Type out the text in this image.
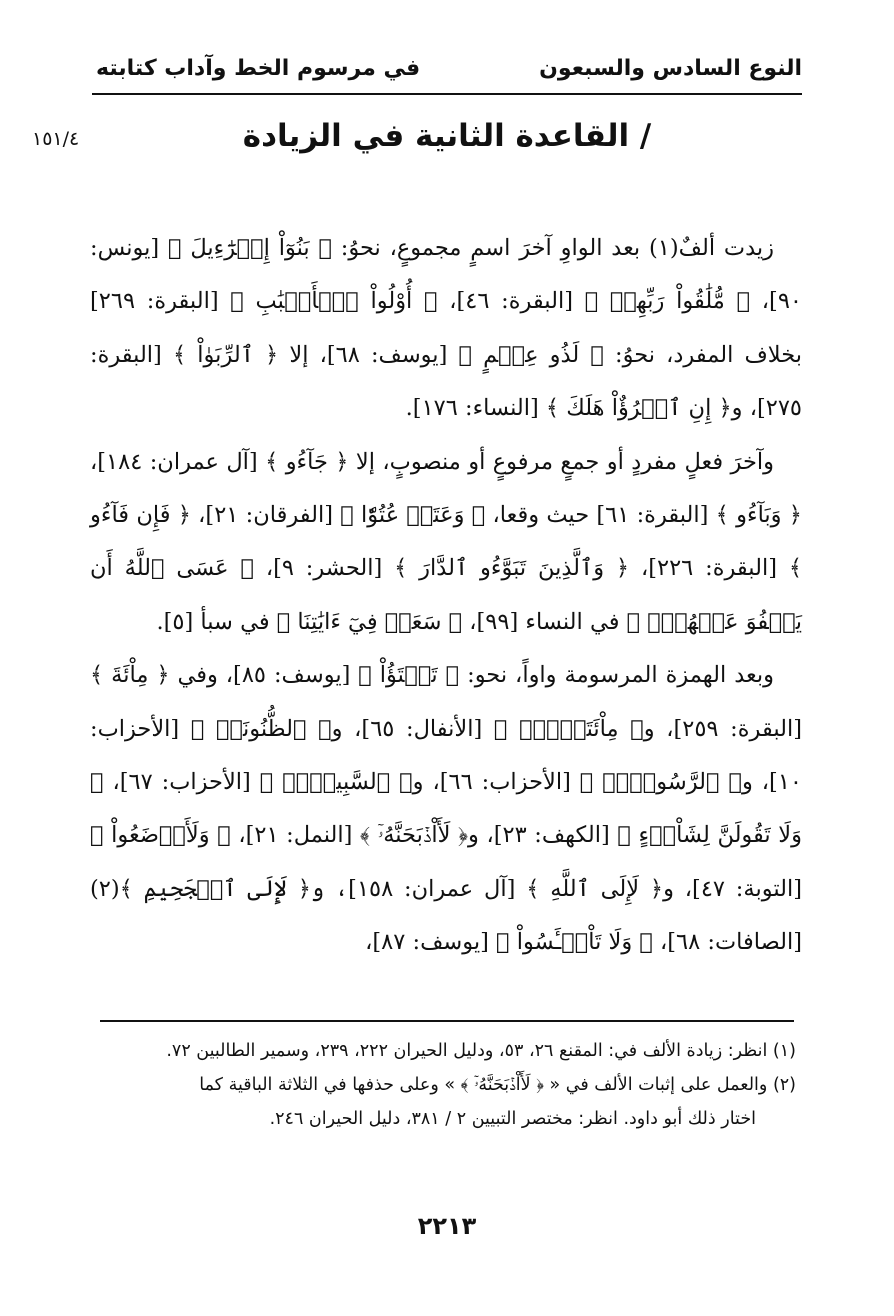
النوع السادس والسبعون
في مرسوم الخط وآداب كتابته
١٥١/٤	/ القاعدة الثانية في الزيادة

زيدت ألفٌ(١) بعد الواوِ آخرَ اسمٍ مجموعٍ، نحوُ: ﴿ بَنُوٓاْ إِسۡرَٰٓءِيلَ ﴾ [يونس: ٩٠]، ﴿ مُّلَٰقُواْ رَبِّهِمۡ ﴾ [البقرة: ٤٦]، ﴿ أُوْلُواْ ٱلۡأَلۡبَٰبِ ﴾ [البقرة: ٢٦٩] بخلاف المفرد، نحوُ: ﴿ لَذُو عِلۡمٍ ﴾ [يوسف: ٦٨]، إلا ﴿ ٱلرِّبَوٰاْ ﴾ [البقرة: ٢٧٥]، و﴿ إِنِ ٱمۡرُؤٌاْ هَلَكَ ﴾ [النساء: ١٧٦].

وآخرَ فعلٍ مفردٍ أو جمعٍ مرفوعٍ أو منصوبٍ، إلا ﴿ جَآءُو ﴾ [آل عمران: ١٨٤]، ﴿ وَبَآءُو ﴾ [البقرة: ٦١] حيث وقعا، ﴿ وَعَتَوۡ عُتُوّٗا ﴾ [الفرقان: ٢١]، ﴿ فَإِن فَآءُو ﴾ [البقرة: ٢٢٦]، ﴿ وَٱلَّذِينَ تَبَوَّءُو ٱلدَّارَ ﴾ [الحشر: ٩]، ﴿ عَسَى ٱللَّهُ أَن يَعۡفُوَ عَنۡهُمۡۚ ﴾ في النساء [٩٩]، ﴿ سَعَوۡ فِيٓ ءَايَٰتِنَا ﴾ في سبأ [٥].

وبعد الهمزة المرسومة واواً، نحو: ﴿ تَفۡتَؤُاْ ﴾ [يوسف: ٨٥]، وفي ﴿ مِاْئَةَ ﴾ [البقرة: ٢٥٩]، و﴿ مِاْئَتَيۡنِۚ ﴾ [الأنفال: ٦٥]، و﴿ ٱلظُّنُونَا۠ ﴾ [الأحزاب: ١٠]، و﴿ ٱلرَّسُولَا۠ ﴾ [الأحزاب: ٦٦]، و﴿ ٱلسَّبِيلَا۠ ﴾ [الأحزاب: ٦٧]، ﴿ وَلَا تَقُولَنَّ لِشَاْيۡءٍ ﴾ [الكهف: ٢٣]، و﴿ لَأَاْذۡبَحَنَّهُۥٓ ﴾ [النمل: ٢١]، ﴿ وَلَأَوۡضَعُواْ ﴾ [التوبة: ٤٧]، و﴿ لَإِلَى ٱللَّهِ ﴾ [آل عمران: ١٥٨]، و﴿ لَإِلَى ٱلۡجَحِيمِ ﴾(٢) [الصافات: ٦٨]، ﴿ وَلَا تَاْيۡـَٔسُواْ ﴾ [يوسف: ٨٧]،

(١) انظر: زيادة الألف في: المقنع ٢٦، ٥٣، ودليل الحيران ٢٢٢، ٢٣٩، وسمير الطالبين ٧٢.

(٢) والعمل على إثبات الألف في « ﴿ لَأَاْذۡبَحَنَّهُۥٓ ﴾ » وعلى حذفها في الثلاثة الباقية كما

اختار ذلك أبو داود. انظر: مختصر التبيين ٢ / ٣٨١، دليل الحيران ٢٤٦.

٢٢١٣
